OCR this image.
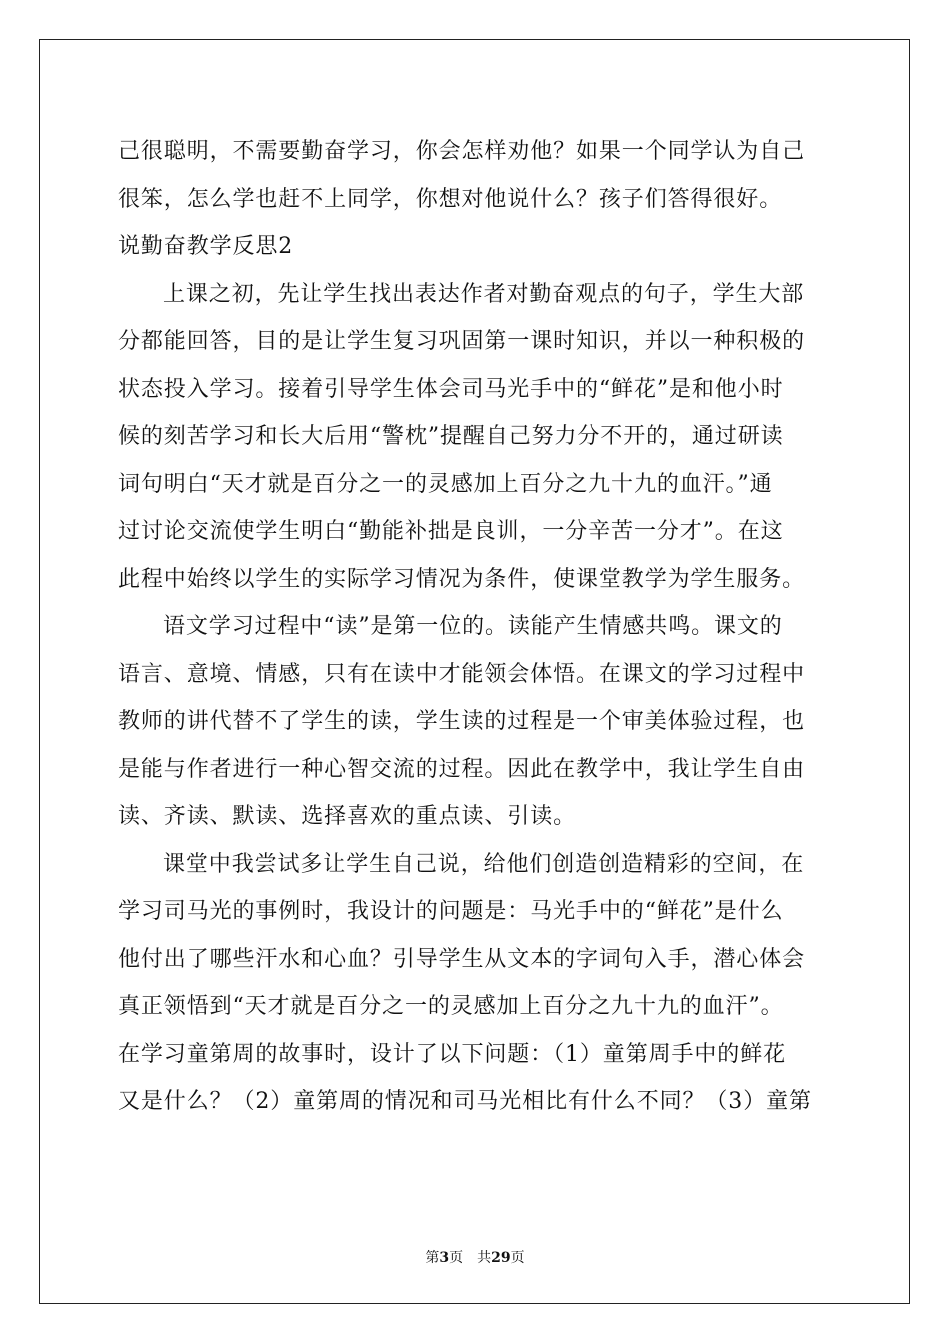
己很聪明，不需要勤奋学习，你会怎样劝他？如果一个同学认为自己
很笨，怎么学也赶不上同学，你想对他说什么？孩子们答得很好。
说勤奋教学反思2
上课之初，先让学生找出表达作者对勤奋观点的句子，学生大部
分都能回答，目的是让学生复习巩固第一课时知识，并以一种积极的
状态投入学习。接着引导学生体会司马光手中的“鲜花”是和他小时
候的刻苦学习和长大后用“警枕”提醒自己努力分不开的，通过研读
词句明白“天才就是百分之一的灵感加上百分之九十九的血汗。”通
过讨论交流使学生明白“勤能补拙是良训，一分辛苦一分才”。在这
此程中始终以学生的实际学习情况为条件，使课堂教学为学生服务。
语文学习过程中“读”是第一位的。读能产生情感共鸣。课文的
语言、意境、情感，只有在读中才能领会体悟。在课文的学习过程中
教师的讲代替不了学生的读，学生读的过程是一个审美体验过程，也
是能与作者进行一种心智交流的过程。因此在教学中，我让学生自由
读、齐读、默读、选择喜欢的重点读、引读。
课堂中我尝试多让学生自己说，给他们创造创造精彩的空间，在
学习司马光的事例时，我设计的问题是：马光手中的“鲜花”是什么
他付出了哪些汗水和心血？引导学生从文本的字词句入手，潜心体会
真正领悟到“天才就是百分之一的灵感加上百分之九十九的血汗”。
在学习童第周的故事时，设计了以下问题：（1）童第周手中的鲜花
又是什么？（2）童第周的情况和司马光相比有什么不同？（3）童第
第3页 共29页
